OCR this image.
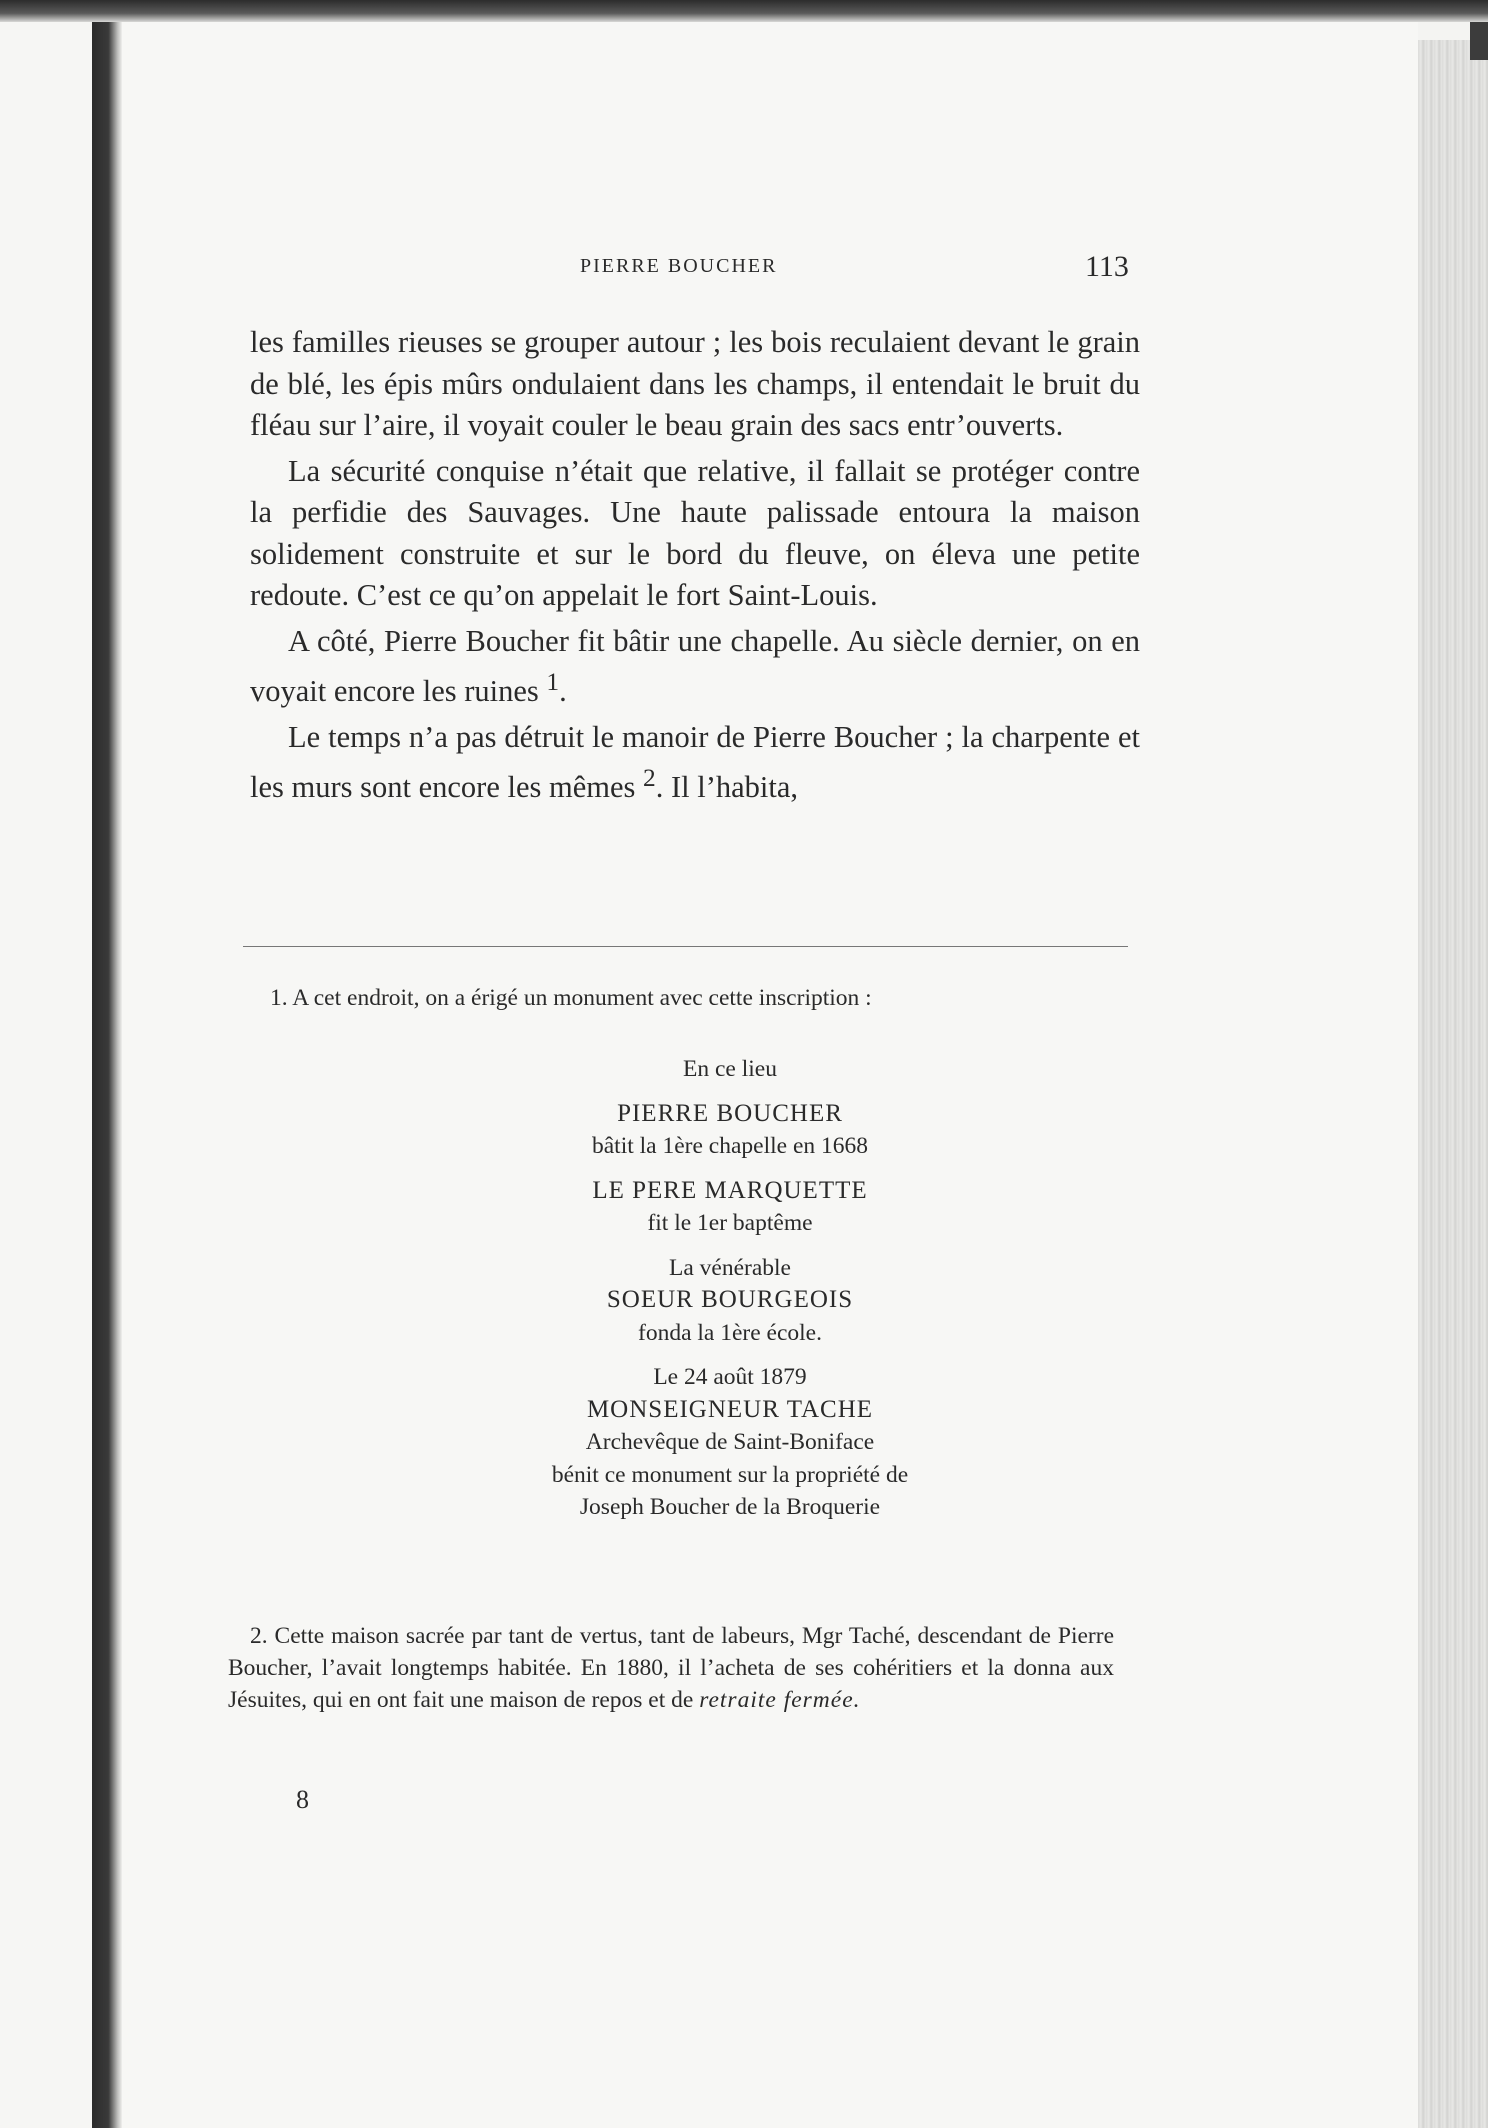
PIERRE BOUCHER	113

les familles rieuses se grouper autour ; les bois reculaient devant le grain de blé, les épis mûrs ondulaient dans les champs, il entendait le bruit du fléau sur l’aire, il voyait couler le beau grain des sacs entr’ouverts.

La sécurité conquise n’était que relative, il fallait se protéger contre la perfidie des Sauvages. Une haute palissade entoura la maison solidement construite et sur le bord du fleuve, on éleva une petite redoute. C’est ce qu’on appelait le fort Saint-Louis.

A côté, Pierre Boucher fit bâtir une chapelle. Au siècle dernier, on en voyait encore les ruines $^1$.

Le temps n’a pas détruit le manoir de Pierre Boucher ; la charpente et les murs sont encore les mêmes $^2$. Il l’habita,

1. A cet endroit, on a érigé un monument avec cette inscription :
En ce lieu
PIERRE BOUCHER
bâtit la 1ère chapelle en 1668
LE PERE MARQUETTE
fit le 1er baptême
La vénérable
SOEUR BOURGEOIS
fonda la 1ère école.
Le 24 août 1879
MONSEIGNEUR TACHE
Archevêque de Saint-Boniface
bénit ce monument sur la propriété de
Joseph Boucher de la Broquerie

2. Cette maison sacrée par tant de vertus, tant de labeurs, Mgr Taché, descendant de Pierre Boucher, l’avait longtemps habitée. En 1880, il l’acheta de ses cohéritiers et la donna aux Jésuites, qui en ont fait une maison de repos et de retraite fermée.

8
